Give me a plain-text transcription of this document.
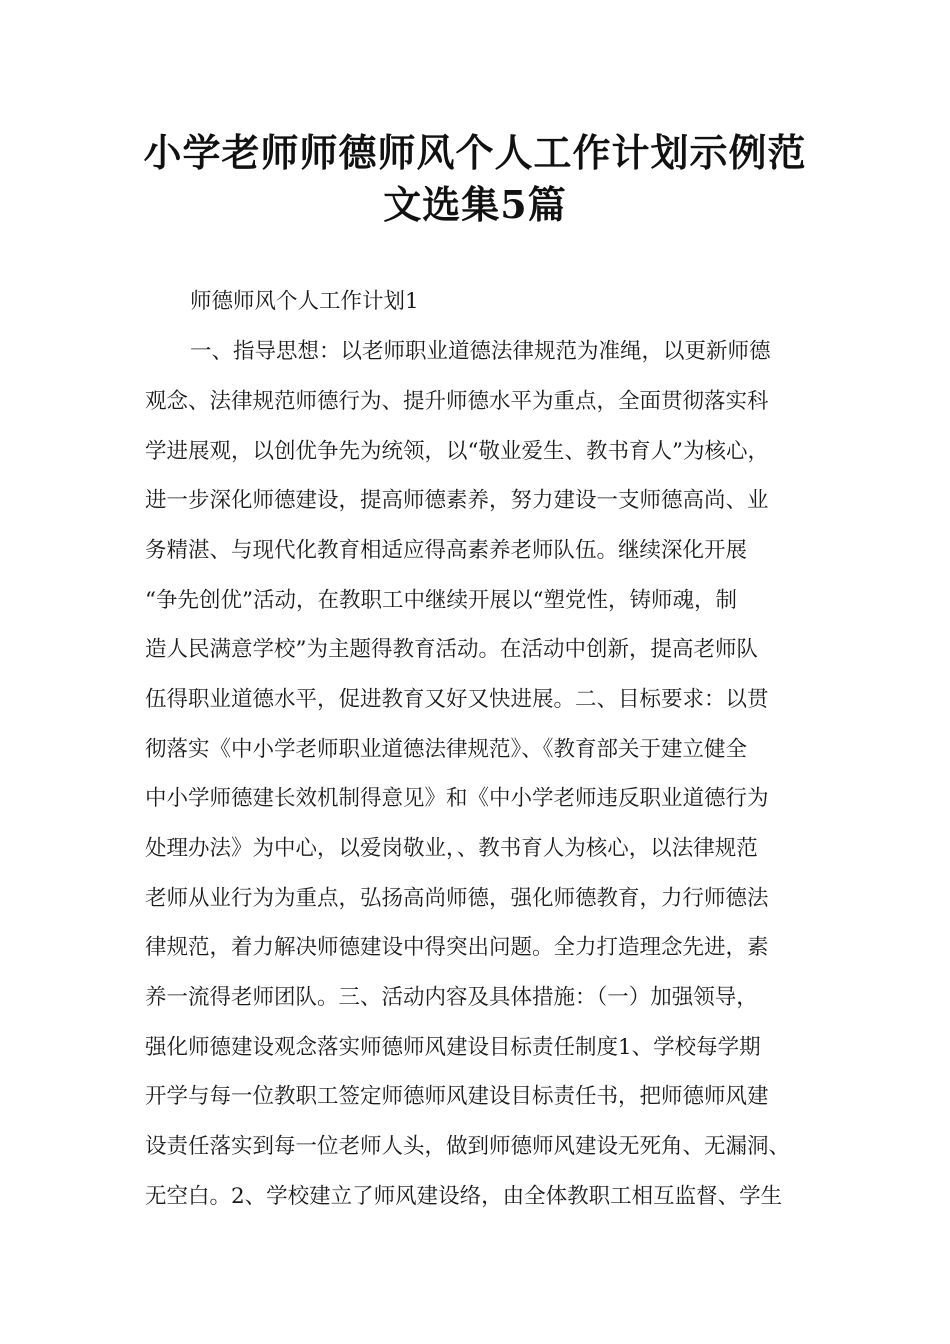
小学老师师德师风个人工作计划示例范
文选集5篇
师德师风个人工作计划1
一、指导思想：以老师职业道德法律规范为准绳，以更新师德
观念、法律规范师德行为、提升师德水平为重点，全面贯彻落实科
学进展观，以创优争先为统领，以“敬业爱生、教书育人”为核心，
进一步深化师德建设，提高师德素养，努力建设一支师德高尚、业
务精湛、与现代化教育相适应得高素养老师队伍。继续深化开展
“争先创优”活动，在教职工中继续开展以“塑党性，铸师魂，制
造人民满意学校”为主题得教育活动。在活动中创新，提高老师队
伍得职业道德水平，促进教育又好又快进展。二、目标要求：以贯
彻落实《中小学老师职业道德法律规范》、《教育部关于建立健全
中小学师德建长效机制得意见》和《中小学老师违反职业道德行为
处理办法》为中心，以爱岗敬业，、教书育人为核心，以法律规范
老师从业行为为重点，弘扬高尚师德，强化师德教育，力行师德法
律规范，着力解决师德建设中得突出问题。全力打造理念先进，素
养一流得老师团队。三、活动内容及具体措施：（一）加强领导，
强化师德建设观念落实师德师风建设目标责任制度1、学校每学期
开学与每一位教职工签定师德师风建设目标责任书，把师德师风建
设责任落实到每一位老师人头，做到师德师风建设无死角、无漏洞、
无空白。2、学校建立了师风建设络，由全体教职工相互监督、学生
